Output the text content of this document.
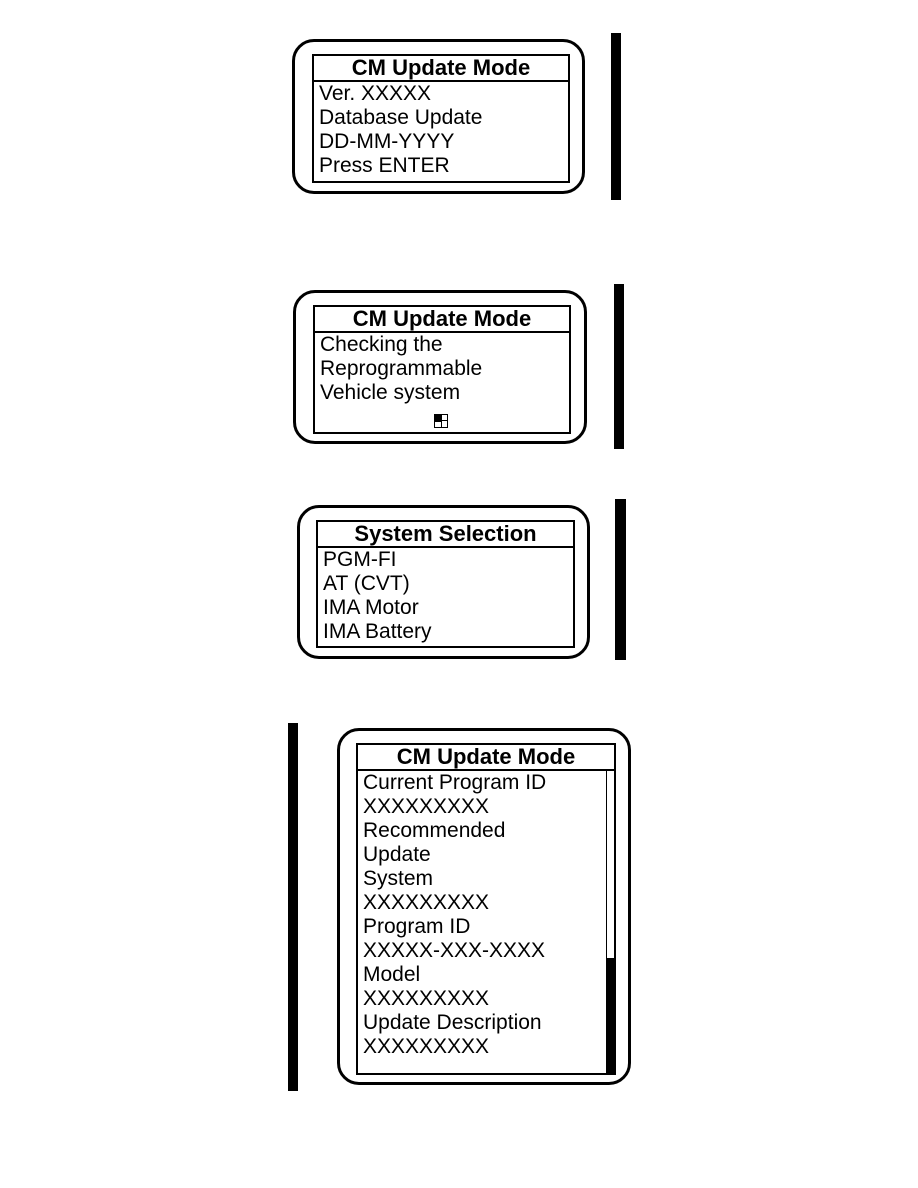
CM Update Mode
Ver. XXXXX
Database Update
DD-MM-YYYY
Press ENTER
CM Update Mode
Checking the
Reprogrammable
Vehicle system
System Selection
PGM-FI
AT (CVT)
IMA Motor
IMA Battery
CM Update Mode
Current Program ID
XXXXXXXXX
Recommended
Update
System
XXXXXXXXX
Program ID
XXXXX-XXX-XXXX
Model
XXXXXXXXX
Update Description
XXXXXXXXX
